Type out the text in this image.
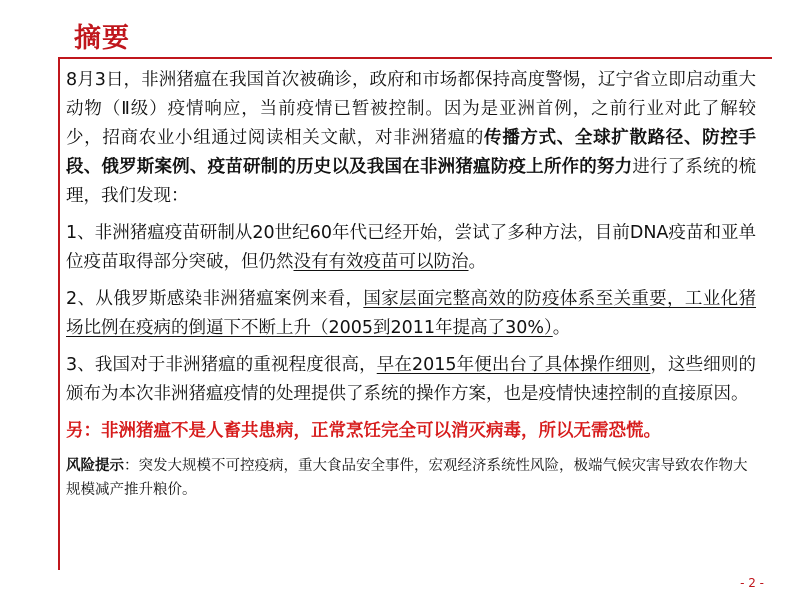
摘要

8月3日，非洲猪瘟在我国首次被确诊，政府和市场都保持高度警惕，辽宁省立即启动重大动物（Ⅱ级）疫情响应，当前疫情已暂被控制。因为是亚洲首例，之前行业对此了解较少，招商农业小组通过阅读相关文献，对非洲猪瘟的传播方式、全球扩散路径、防控手段、俄罗斯案例、疫苗研制的历史以及我国在非洲猪瘟防疫上所作的努力进行了系统的梳理，我们发现：

1、非洲猪瘟疫苗研制从20世纪60年代已经开始，尝试了多种方法，目前DNA疫苗和亚单位疫苗取得部分突破，但仍然没有有效疫苗可以防治。

2、从俄罗斯感染非洲猪瘟案例来看，国家层面完整高效的防疫体系至关重要，工业化猪场比例在疫病的倒逼下不断上升（2005到2011年提高了30%）。

3、我国对于非洲猪瘟的重视程度很高，早在2015年便出台了具体操作细则，这些细则的颁布为本次非洲猪瘟疫情的处理提供了系统的操作方案，也是疫情快速控制的直接原因。

另：非洲猪瘟不是人畜共患病，正常烹饪完全可以消灭病毒，所以无需恐慌。

风险提示：突发大规模不可控疫病，重大食品安全事件，宏观经济系统性风险，极端气候灾害导致农作物大规模减产推升粮价。

- 2 -
